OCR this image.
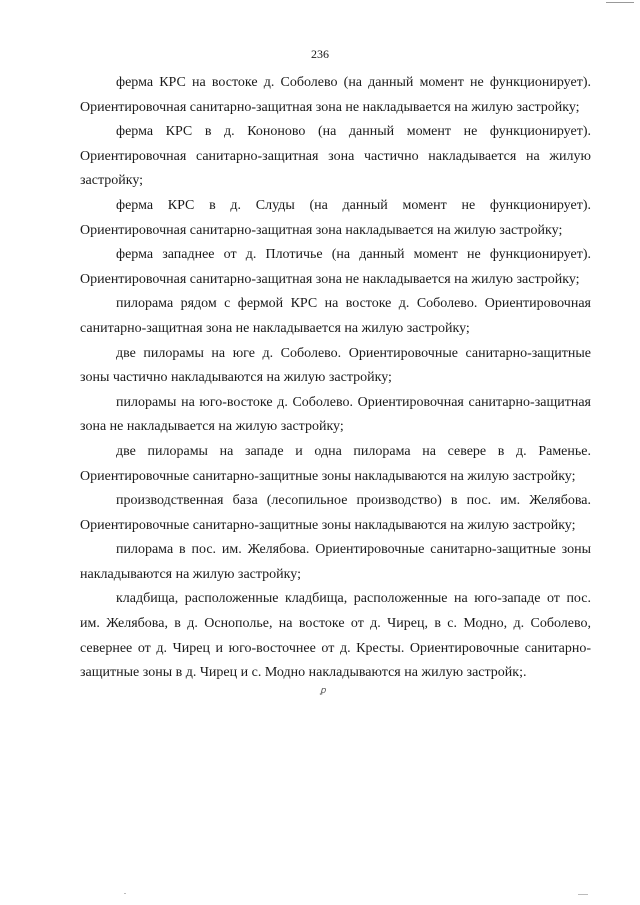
236

ферма КРС на востоке д. Соболево (на данный момент не функционирует). Ориентировочная санитарно-защитная зона не накладывается на жилую застройку;

ферма КРС в д. Кононово (на данный момент не функционирует). Ориентировочная санитарно-защитная зона частично накладывается на жилую застройку;

ферма КРС в д. Слуды (на данный момент не функционирует). Ориентировочная санитарно-защитная зона накладывается на жилую застройку;

ферма западнее от д. Плотичье (на данный момент не функционирует). Ориентировочная санитарно-защитная зона не накладывается на жилую застройку;

пилорама рядом с фермой КРС на востоке д. Соболево. Ориентировочная санитарно-защитная зона не накладывается на жилую застройку;

две пилорамы на юге д. Соболево. Ориентировочные санитарно-защитные зоны частично накладываются на жилую застройку;

пилорамы на юго-востоке д. Соболево. Ориентировочная санитарно-защитная зона не накладывается на жилую застройку;

две пилорамы на западе и одна пилорама на севере в д. Раменье. Ориентировочные санитарно-защитные зоны накладываются на жилую застройку;

производственная база (лесопильное производство) в пос. им. Желябова. Ориентировочные санитарно-защитные зоны накладываются на жилую застройку;

пилорама в пос. им. Желябова. Ориентировочные санитарно-защитные зоны накладываются на жилую застройку;

кладбища, расположенные кладбища, расположенные на юго-западе от пос. им. Желябова, в д. Оснополье, на востоке от д. Чирец, в с. Модно, д. Соболево, севернее от д. Чирец и юго-восточнее от д. Кресты. Ориентировочные санитарно-защитные зоны в д. Чирец и с. Модно накладываются на жилую застройк;.

ꝑ
